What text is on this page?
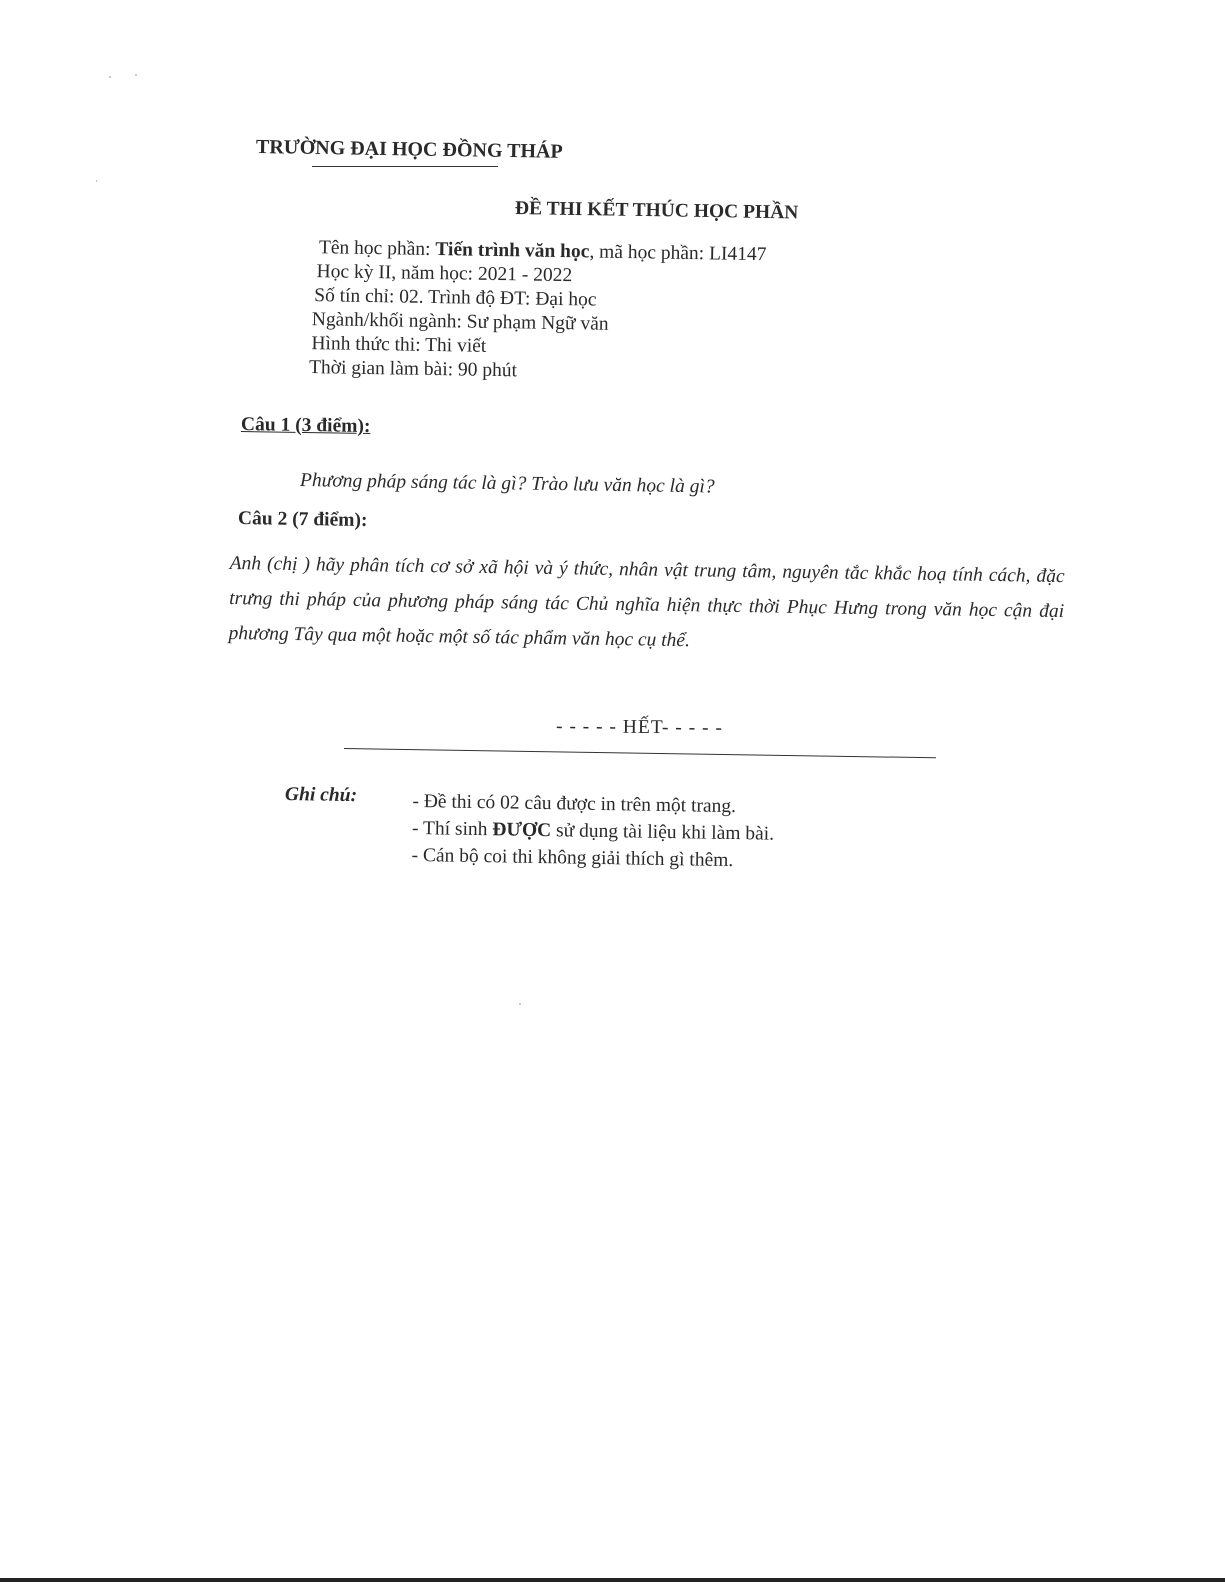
TRƯỜNG ĐẠI HỌC ĐỒNG THÁP
ĐỀ THI KẾT THÚC HỌC PHẦN
Tên học phần: Tiến trình văn học, mã học phần: LI4147
Học kỳ II, năm học: 2021 - 2022
Số tín chỉ: 02. Trình độ ĐT: Đại học
Ngành/khối ngành: Sư phạm Ngữ văn
Hình thức thi: Thi viết
Thời gian làm bài: 90 phút
Câu 1 (3 điểm):
Phương pháp sáng tác là gì? Trào lưu văn học là gì?
Câu 2 (7 điểm):
Anh (chị ) hãy phân tích cơ sở xã hội và ý thức, nhân vật trung tâm, nguyên tắc khắc hoạ tính cách, đặc trưng thi pháp của phương pháp sáng tác Chủ nghĩa hiện thực thời Phục Hưng trong văn học cận đại phương Tây qua một hoặc một số tác phẩm văn học cụ thể.
- - - - - HẾT- - - - -
Ghi chú:	- Đề thi có 02 câu được in trên một trang.
- Thí sinh ĐƯỢC sử dụng tài liệu khi làm bài.
- Cán bộ coi thi không giải thích gì thêm.
